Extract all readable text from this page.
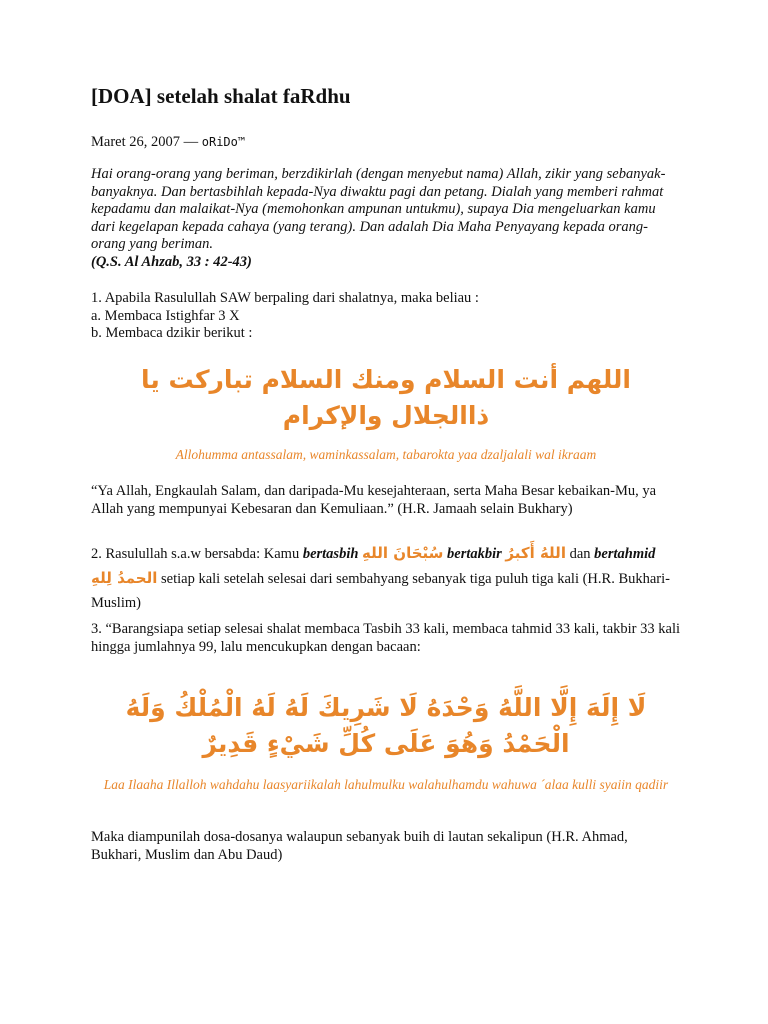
[DOA] setelah shalat faRdhu
Maret 26, 2007 — oRiDo™
Hai orang-orang yang beriman, berzdikirlah (dengan menyebut nama) Allah, zikir yang sebanyak-banyaknya. Dan bertasbihlah kepada-Nya diwaktu pagi dan petang. Dialah yang memberi rahmat kepadamu dan malaikat-Nya (memohonkan ampunan untukmu), supaya Dia mengeluarkan kamu dari kegelapan kepada cahaya (yang terang). Dan adalah Dia Maha Penyayang kepada orang-orang yang beriman.
(Q.S. Al Ahzab, 33 : 42-43)
1. Apabila Rasulullah SAW berpaling dari shalatnya, maka beliau :
a. Membaca Istighfar 3 X
b. Membaca dzikir berikut :
اللهم أنت السلام ومنك السلام تباركت يا ذاالجلال والإكرام
Allohumma antassalam, waminkassalam, tabarokta yaa dzaljalali wal ikraam
“Ya Allah, Engkaulah Salam, dan daripada-Mu kesejahteraan, serta Maha Besar kebaikan-Mu, ya Allah yang mempunyai Kebesaran dan Kemuliaan.” (H.R. Jamaah selain Bukhary)
2. Rasulullah s.a.w bersabda: Kamu bertasbih سُبْحَانَ اللهِ bertakbir اللهُ أَكبرُ dan bertahmid الحمدُ لِلهِ setiap kali setelah selesai dari sembahyang sebanyak tiga puluh tiga kali (H.R. Bukhari-Muslim)
3. “Barangsiapa setiap selesai shalat membaca Tasbih 33 kali, membaca tahmid 33 kali, takbir 33 kali hingga jumlahnya 99, lalu mencukupkan dengan bacaan:
لَا إِلَهَ إِلَّا اللَّهُ وَحْدَهُ لَا شَرِيكَ لَهُ لَهُ الْمُلْكُ وَلَهُ الْحَمْدُ وَهُوَ عَلَى كُلِّ شَيْءٍ قَدِيرٌ
Laa Ilaaha Illalloh wahdahu laasyariikalah lahulmulku walahulhamdu wahuwa ´alaa kulli syaiin qadiir
Maka diampunilah dosa-dosanya walaupun sebanyak buih di lautan sekalipun (H.R. Ahmad, Bukhari, Muslim dan Abu Daud)
